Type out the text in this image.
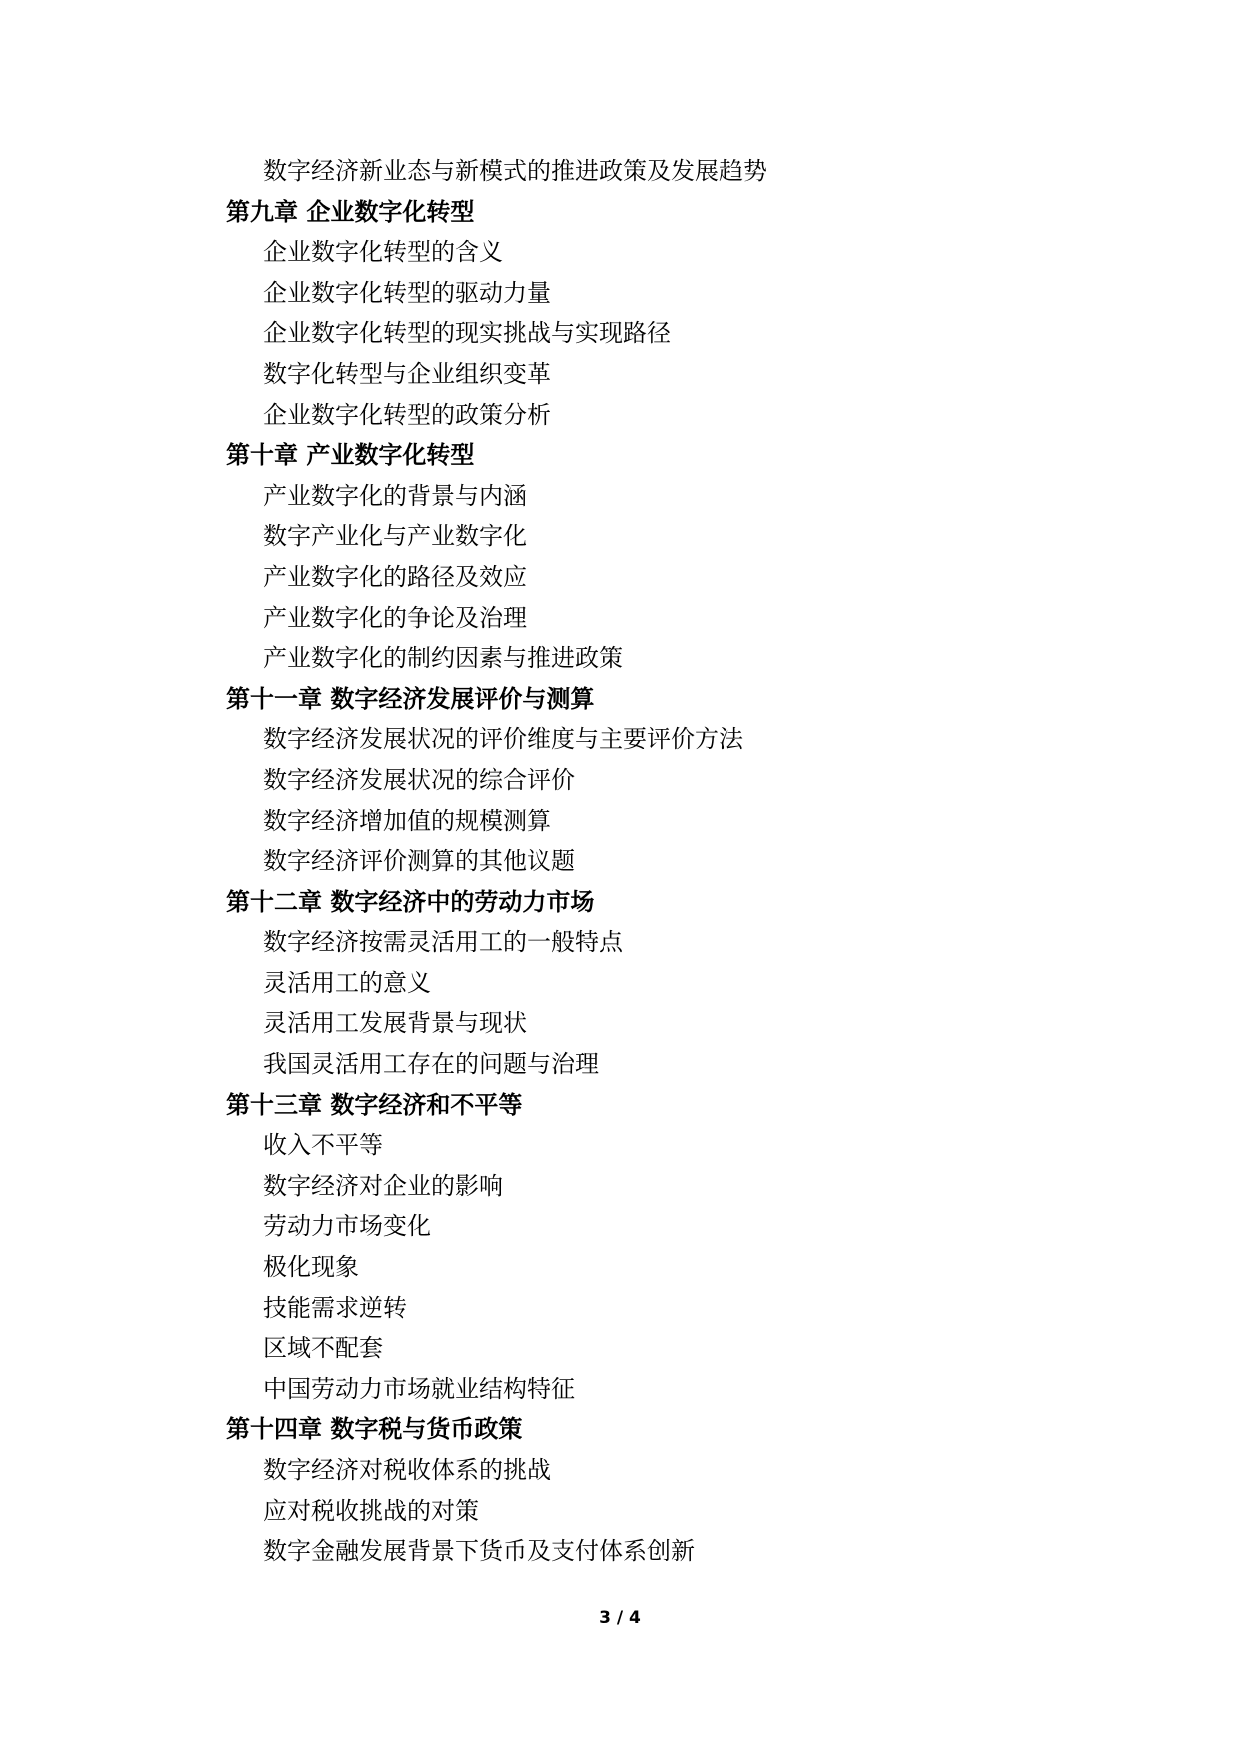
数字经济新业态与新模式的推进政策及发展趋势
第九章 企业数字化转型
企业数字化转型的含义
企业数字化转型的驱动力量
企业数字化转型的现实挑战与实现路径
数字化转型与企业组织变革
企业数字化转型的政策分析
第十章 产业数字化转型
产业数字化的背景与内涵
数字产业化与产业数字化
产业数字化的路径及效应
产业数字化的争论及治理
产业数字化的制约因素与推进政策
第十一章 数字经济发展评价与测算
数字经济发展状况的评价维度与主要评价方法
数字经济发展状况的综合评价
数字经济增加值的规模测算
数字经济评价测算的其他议题
第十二章 数字经济中的劳动力市场
数字经济按需灵活用工的一般特点
灵活用工的意义
灵活用工发展背景与现状
我国灵活用工存在的问题与治理
第十三章 数字经济和不平等
收入不平等
数字经济对企业的影响
劳动力市场变化
极化现象
技能需求逆转
区域不配套
中国劳动力市场就业结构特征
第十四章 数字税与货币政策
数字经济对税收体系的挑战
应对税收挑战的对策
数字金融发展背景下货币及支付体系创新
3 / 4
